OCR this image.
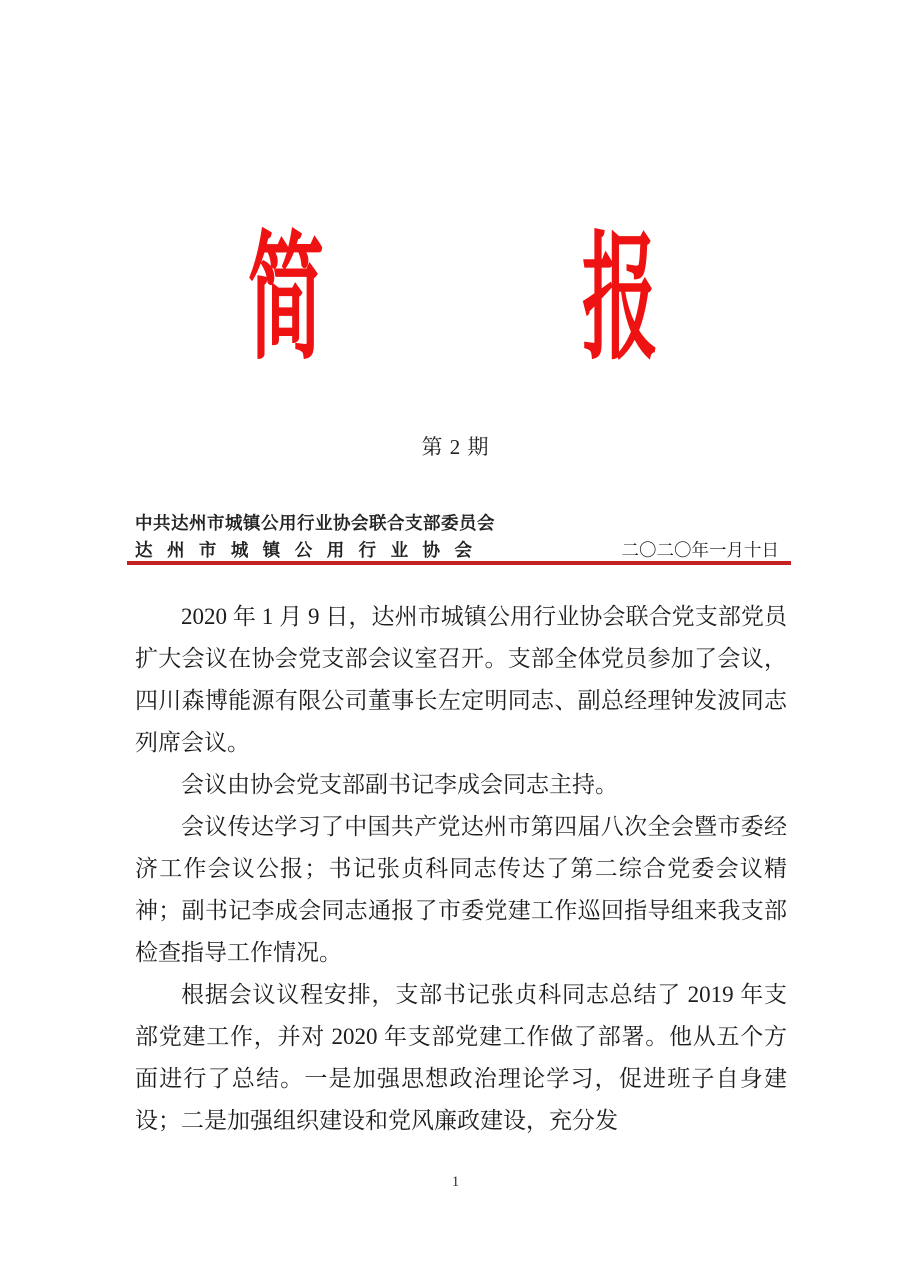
简 报
第 2 期
中共达州市城镇公用行业协会联合支部委员会
达州市城镇公用行业协会	二〇二〇年一月十日

2020 年 1 月 9 日，达州市城镇公用行业协会联合党支部党员扩大会议在协会党支部会议室召开。支部全体党员参加了会议，四川森博能源有限公司董事长左定明同志、副总经理钟发波同志列席会议。

会议由协会党支部副书记李成会同志主持。

会议传达学习了中国共产党达州市第四届八次全会暨市委经济工作会议公报；书记张贞科同志传达了第二综合党委会议精神；副书记李成会同志通报了市委党建工作巡回指导组来我支部检查指导工作情况。

根据会议议程安排，支部书记张贞科同志总结了 2019 年支部党建工作，并对 2020 年支部党建工作做了部署。他从五个方面进行了总结。一是加强思想政治理论学习，促进班子自身建设；二是加强组织建设和党风廉政建设，充分发

1
